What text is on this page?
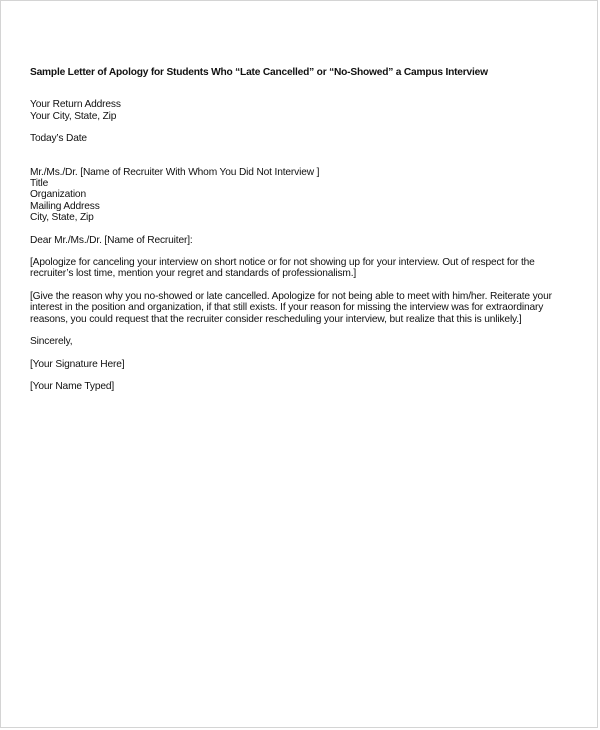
Sample Letter of Apology for Students Who “Late Cancelled” or “No-Showed” a Campus Interview

Your Return Address
Your City, State, Zip
Today’s Date
Mr./Ms./Dr. [Name of Recruiter With Whom You Did Not Interview ]
Title
Organization
Mailing Address
City, State, Zip
Dear Mr./Ms./Dr. [Name of Recruiter]:
[Apologize for canceling your interview on short notice or for not showing up for your interview. Out of respect for the
recruiter’s lost time, mention your regret and standards of professionalism.]
[Give the reason why you no-showed or late cancelled. Apologize for not being able to meet with him/her. Reiterate your
interest in the position and organization, if that still exists. If your reason for missing the interview was for extraordinary
reasons, you could request that the recruiter consider rescheduling your interview, but realize that this is unlikely.]
Sincerely,
[Your Signature Here]
[Your Name Typed]
